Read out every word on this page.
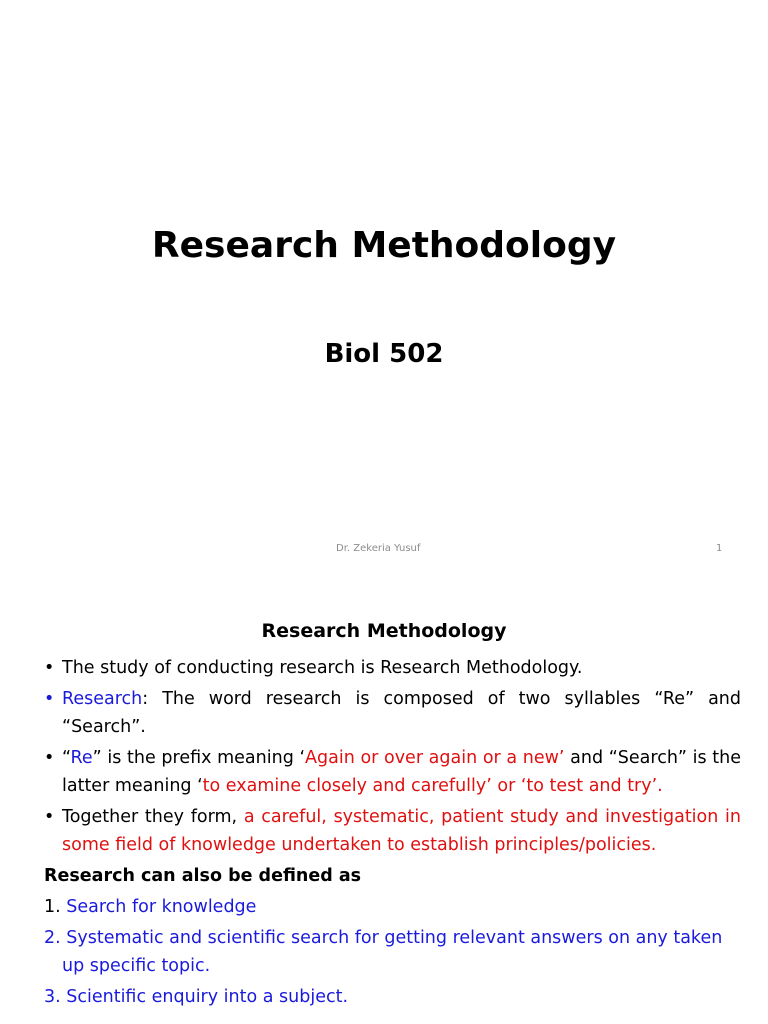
Research Methodology
Biol 502
Dr. Zekeria Yusuf	1
Research Methodology
• The study of conducting research is Research Methodology.
• Research: The word research is composed of two syllables “Re” and “Search”.
• “Re” is the prefix meaning ‘Again or over again or a new’ and “Search” is the latter meaning ‘to examine closely and carefully’ or ‘to test and try’.
• Together they form, a careful, systematic, patient study and investigation in some field of knowledge undertaken to establish principles/policies.
Research can also be defined as
1. Search for knowledge
2. Systematic and scientific search for getting relevant answers on any taken up specific topic.
3. Scientific enquiry into a subject.
